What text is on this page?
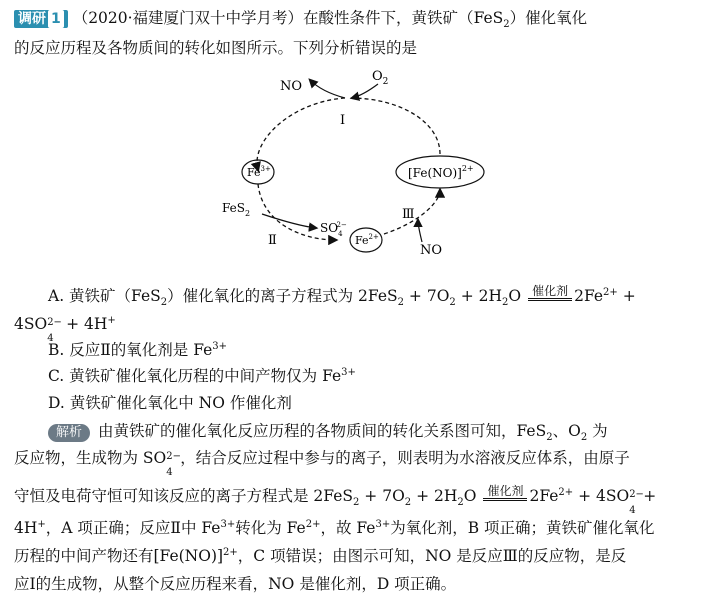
调研 1 （2020·福建厦门双十中学月考）在酸性条件下，黄铁矿（FeS$_2$）催化氧化
的反应历程及各物质间的转化如图所示。下列分析错误的是
NO
$O_2$
Ⅰ
$Fe^{3+}$	$[Fe(NO)]^{2+}$
FeS$_2$
$SO_42-$
Ⅱ	$Fe^{2+}$
Ⅲ
NO
A. 黄铁矿（FeS$_2$）催化氧化的离子方程式为 $2FeS_2 + 7O_2 + 2H_2O$ 催化剂 $2Fe^{2+}$ +
4SO 2−
4
+ 4H+
B. 反应Ⅱ的氧化剂是 $Fe^{3+}$
C. 黄铁矿催化氧化历程的中间产物仅为 $Fe^{3+}$
D. 黄铁矿催化氧化中 NO 作催化剂
解析 由黄铁矿的催化氧化反应历程的各物质间的转化关系图可知，FeS$_2$、$O_2$ 为
反应物，生成物为 SO 2−
4
，结合反应过程中参与的离子，则表明为水溶液反应体系，由原子
守恒及电荷守恒可知该反应的离子方程式是 $2FeS_2 + 7O_2 + 2H_2O$ 催化剂 $2Fe^{2+} + 4SO$ 2−
4
+
4H+，A 项正确；反应Ⅱ中 $Fe^{3+}$转化为 $Fe^{2+}$，故 $Fe^{3+}$为氧化剂，B 项正确；黄铁矿催化氧化
历程的中间产物还有$[Fe(NO)]^{2+}$，C 项错误；由图示可知，NO 是反应Ⅲ的反应物，是反
应Ⅰ的生成物，从整个反应历程来看，NO 是催化剂，D 项正确。
